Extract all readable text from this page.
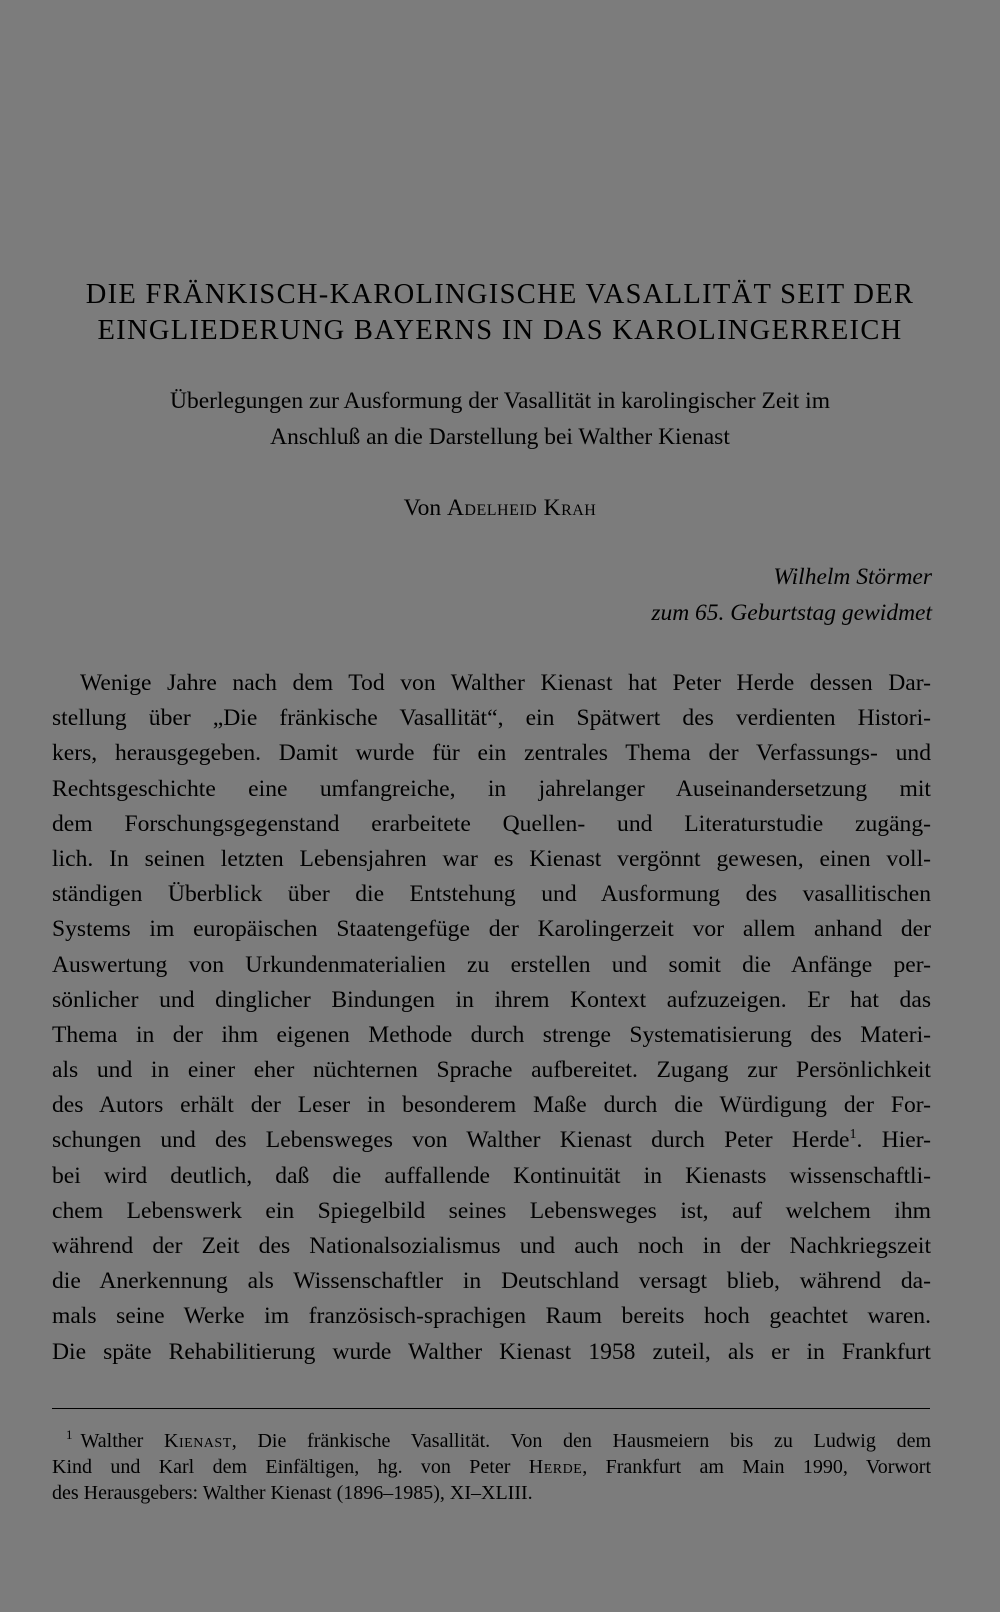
DIE FRÄNKISCH-KAROLINGISCHE VASALLITÄT SEIT DER
EINGLIEDERUNG BAYERNS IN DAS KAROLINGERREICH
Überlegungen zur Ausformung der Vasallität in karolingischer Zeit im
Anschluß an die Darstellung bei Walther Kienast
Von Adelheid Krah
Wilhelm Störmer
zum 65. Geburtstag gewidmet
Wenige Jahre nach dem Tod von Walther Kienast hat Peter Herde dessen Dar-
stellung über „Die fränkische Vasallität“, ein Spätwert des verdienten Histori-
kers, herausgegeben. Damit wurde für ein zentrales Thema der Verfassungs- und
Rechtsgeschichte eine umfangreiche, in jahrelanger Auseinandersetzung mit
dem Forschungsgegenstand erarbeitete Quellen- und Literaturstudie zugäng-
lich. In seinen letzten Lebensjahren war es Kienast vergönnt gewesen, einen voll-
ständigen Überblick über die Entstehung und Ausformung des vasallitischen
Systems im europäischen Staatengefüge der Karolingerzeit vor allem anhand der
Auswertung von Urkundenmaterialien zu erstellen und somit die Anfänge per-
sönlicher und dinglicher Bindungen in ihrem Kontext aufzuzeigen. Er hat das
Thema in der ihm eigenen Methode durch strenge Systematisierung des Materi-
als und in einer eher nüchternen Sprache aufbereitet. Zugang zur Persönlichkeit
des Autors erhält der Leser in besonderem Maße durch die Würdigung der For-
schungen und des Lebensweges von Walther Kienast durch Peter Herde$^1$. Hier-
bei wird deutlich, daß die auffallende Kontinuität in Kienasts wissenschaftli-
chem Lebenswerk ein Spiegelbild seines Lebensweges ist, auf welchem ihm
während der Zeit des Nationalsozialismus und auch noch in der Nachkriegszeit
die Anerkennung als Wissenschaftler in Deutschland versagt blieb, während da-
mals seine Werke im französisch-sprachigen Raum bereits hoch geachtet waren.
Die späte Rehabilitierung wurde Walther Kienast 1958 zuteil, als er in Frankfurt
$^1$ Walther Kienast, Die fränkische Vasallität. Von den Hausmeiern bis zu Ludwig dem
Kind und Karl dem Einfältigen, hg. von Peter Herde, Frankfurt am Main 1990, Vorwort
des Herausgebers: Walther Kienast (1896–1985), XI–XLIII.
